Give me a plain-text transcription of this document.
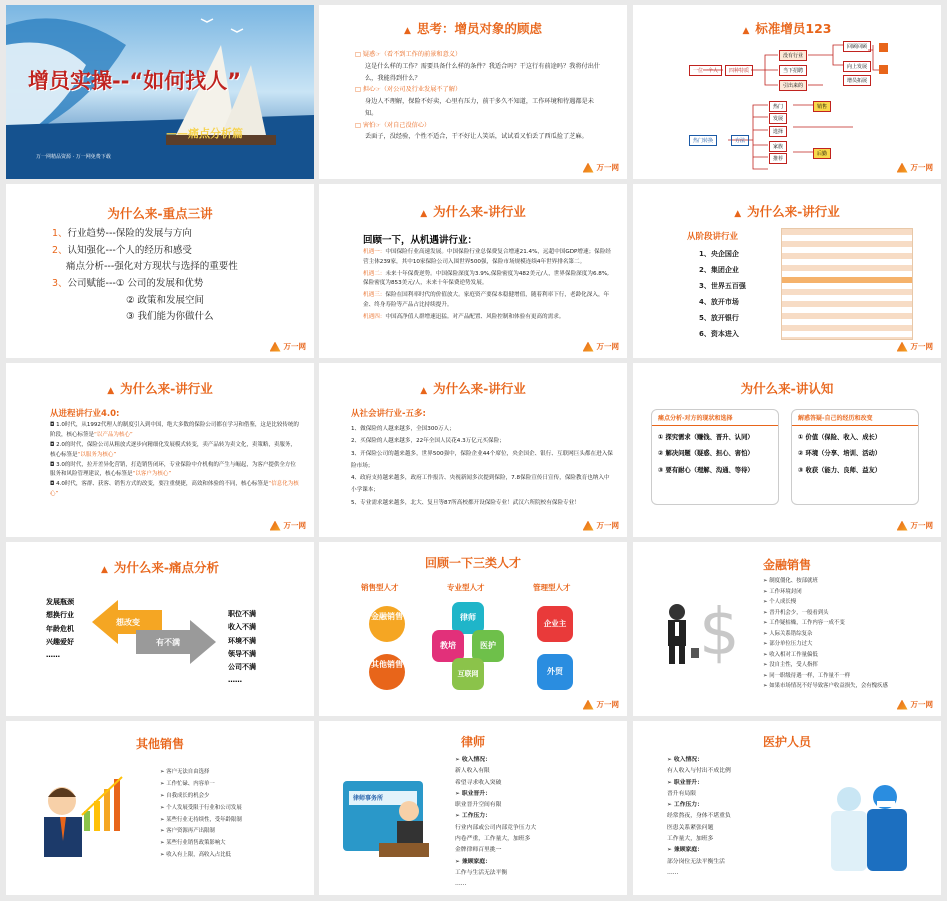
增员实操--“如何找人”
——痛点分析篇
万一网精品资源 · 万一网免费下载
▲ 思考：增员对象的顾虑
□ 疑惑☞（看不到工作的前景和意义）
这是什么样的工作？需要具备什么样的条件？我适合吗？干这行有前途吗？我将付出什么，我能得到什么？
□ 担心☞（对公司及行业发展不了解）
身边人不理解，保险不好卖，心里有压力，前干多久不知道，工作环境和待遇都是未知。
□ 害怕☞（对自己没信心）
丢面子，没经验，个性不适合，干不好让人笑话，试试看又怕丢了西瓜捡了芝麻。
万一网
▲ 标准增员123
一位一个人	四种特质
没有行业
当下招聘
引出来的
回顾回顾
向上发展
增员拓展
热门转换	方法
热门
发展
选择
家族
推荐
销售
后勤
万一网
为什么来-重点三讲
1、行业趋势---保险的发展与方向
2、认知强化---个人的经历和感受
痛点分析---强化对方现状与选择的重要性
3、公司赋能---① 公司的发展和优势
② 政策和发展空间
③ 我们能为你做什么
万一网
▲ 为什么来-讲行业
回顾一下，从机遇讲行业：
机遇一：中国保险行业高速发展。中国保险行业总保费复合增速21.4%，远超中国GDP增速；保险经营主体239家，其中10家保险公司入围世界500强，保险市场规模连续4年世界排名第二。
机遇二：未来十年保费逆势。中国保险深度为3.9%,保险密度为482美元/人，世界保险深度为6.8%,保险密度为853美元/人，未来十年保费逆势发展。
机遇三：保险在国利率时代的价值放大。家庭资产要保本稳健增值，随着利率下行，老龄化深入，年金、终身寿险等产品占比持续提升。
机遇四：中国高净值人群增速迅猛。对产品配置、风险控制和体验有更高的需求。
万一网
▲ 为什么来-讲行业
从阶段讲行业
1、央企国企
2、集团企业
3、世界五百强
4、放开市场
5、放开银行
6、资本进入
万一网
▲ 为什么来-讲行业
从进程讲行业4.0:
◘ 1.0时代，从1992代理人的制度引入到中国，绝大多数的保险公司都在学习和借鉴，这是比较传统的阶段，核心标签是“以产品为核心”
◘ 2.0的时代，保险公司从粗放式逐步向精细化发展模式转变，卖产品转为卖文化，卖策略，卖服务，核心标签是“以服务为核心”
◘ 3.0的时代，拉开差异化营销，打造销售闭环，专业保险中介机构的产生与崛起，为客户提供全方位服务和风险管理建议，核心标签是“以客户为核心”
◘ 4.0时代，客群、获客、销售方式的改变，要注重便捷，高效和体验的不同，核心标签是“信息化为核心”
万一网
▲ 为什么来-讲行业
从社会讲行业-五多:
1、做保险的人越来越多，全国300万人；
2、买保险的人越来越多，22年全国人民花4.3万亿元买保险；
3、开保险公司的越来越多，世界500强中，保险企业44个席位，央企国企、银行、互联网巨头都在进入保险市场；
4、政府支持越来越多，政府工作报告、央视新闻多次提到保险，7.8保险宣传日宣传，保险教育也纳入中小学课本；
5、专业需求越来越多，北大、复旦等87所高校都开设保险专业！武汉六所院校有保险专业！
万一网
为什么来-讲认知
痛点分析-对方的现状和选择
① 探究需求（赚钱、晋升、认同）
② 解决问题（疑惑、担心、害怕）
③ 要有耐心（理解、沟通、等待）
解惑答疑-自己的经历和改变
① 价值（保险、收入、成长）
② 环境（分享、培训、活动）
③ 收获（能力、良师、益友）
万一网
▲ 为什么来-痛点分析
发展瓶颈
想换行业
年龄危机
兴趣爱好
……
想改变
有不满
职位不满
收入不满
环境不满
领导不满
公司不满
……
回顾一下三类人才
销售型人才	专业型人才	管理型人才
金融销售
其他销售
律师
教培	医护
互联网
企业主
外贸
万一网
金融销售
$
➢ 制度僵化、按部就班
➢ 工作环境封闭
➢ 个人成长慢
➢ 晋升机会少，一般看到头
➢ 工作疑枯燥，工作内容一成不变
➢ 人际关系错综复杂
➢ 部分单位压力过大
➢ 收入相对工作量偏低
➢ 没自主性，受人指挥
➢ 同一职级待遇一样，工作量不一样
➢ 如果市场情况不好导致客户收益损失，会有愧疚感
万一网
其他销售
➢ 客户无法自由选择
➢ 工作忙碌、内容单一
➢ 自我成长的机会少
➢ 个人发展受限于行业和公司发展
➢ 某些行业无持续性，受年龄限制
➢ 客户资源再产出限制
➢ 某些行业销售政策影响大
➢ 收入有上限，高收入占比低
律师
律师事务所
➢ 收入情况：
新人收入有限
希望寻求收入突破
➢ 职业晋升：
职业晋升空间有限
➢ 工作压力：
行业内部或公司内部竞争压力大
内卷严重，工作量大，加班多
金牌律师百里挑一
➢ 兼顾家庭：
工作与生活无法平衡
……
医护人员
➢ 收入情况：
有人收入与付出不成比例
➢ 职业晋升：
晋升有局限
➢ 工作压力：
经常熬夜，身体不堪重负
医患关系紧张问题
工作量大，加班多
➢ 兼顾家庭：
部分岗位无法平衡生活
……
